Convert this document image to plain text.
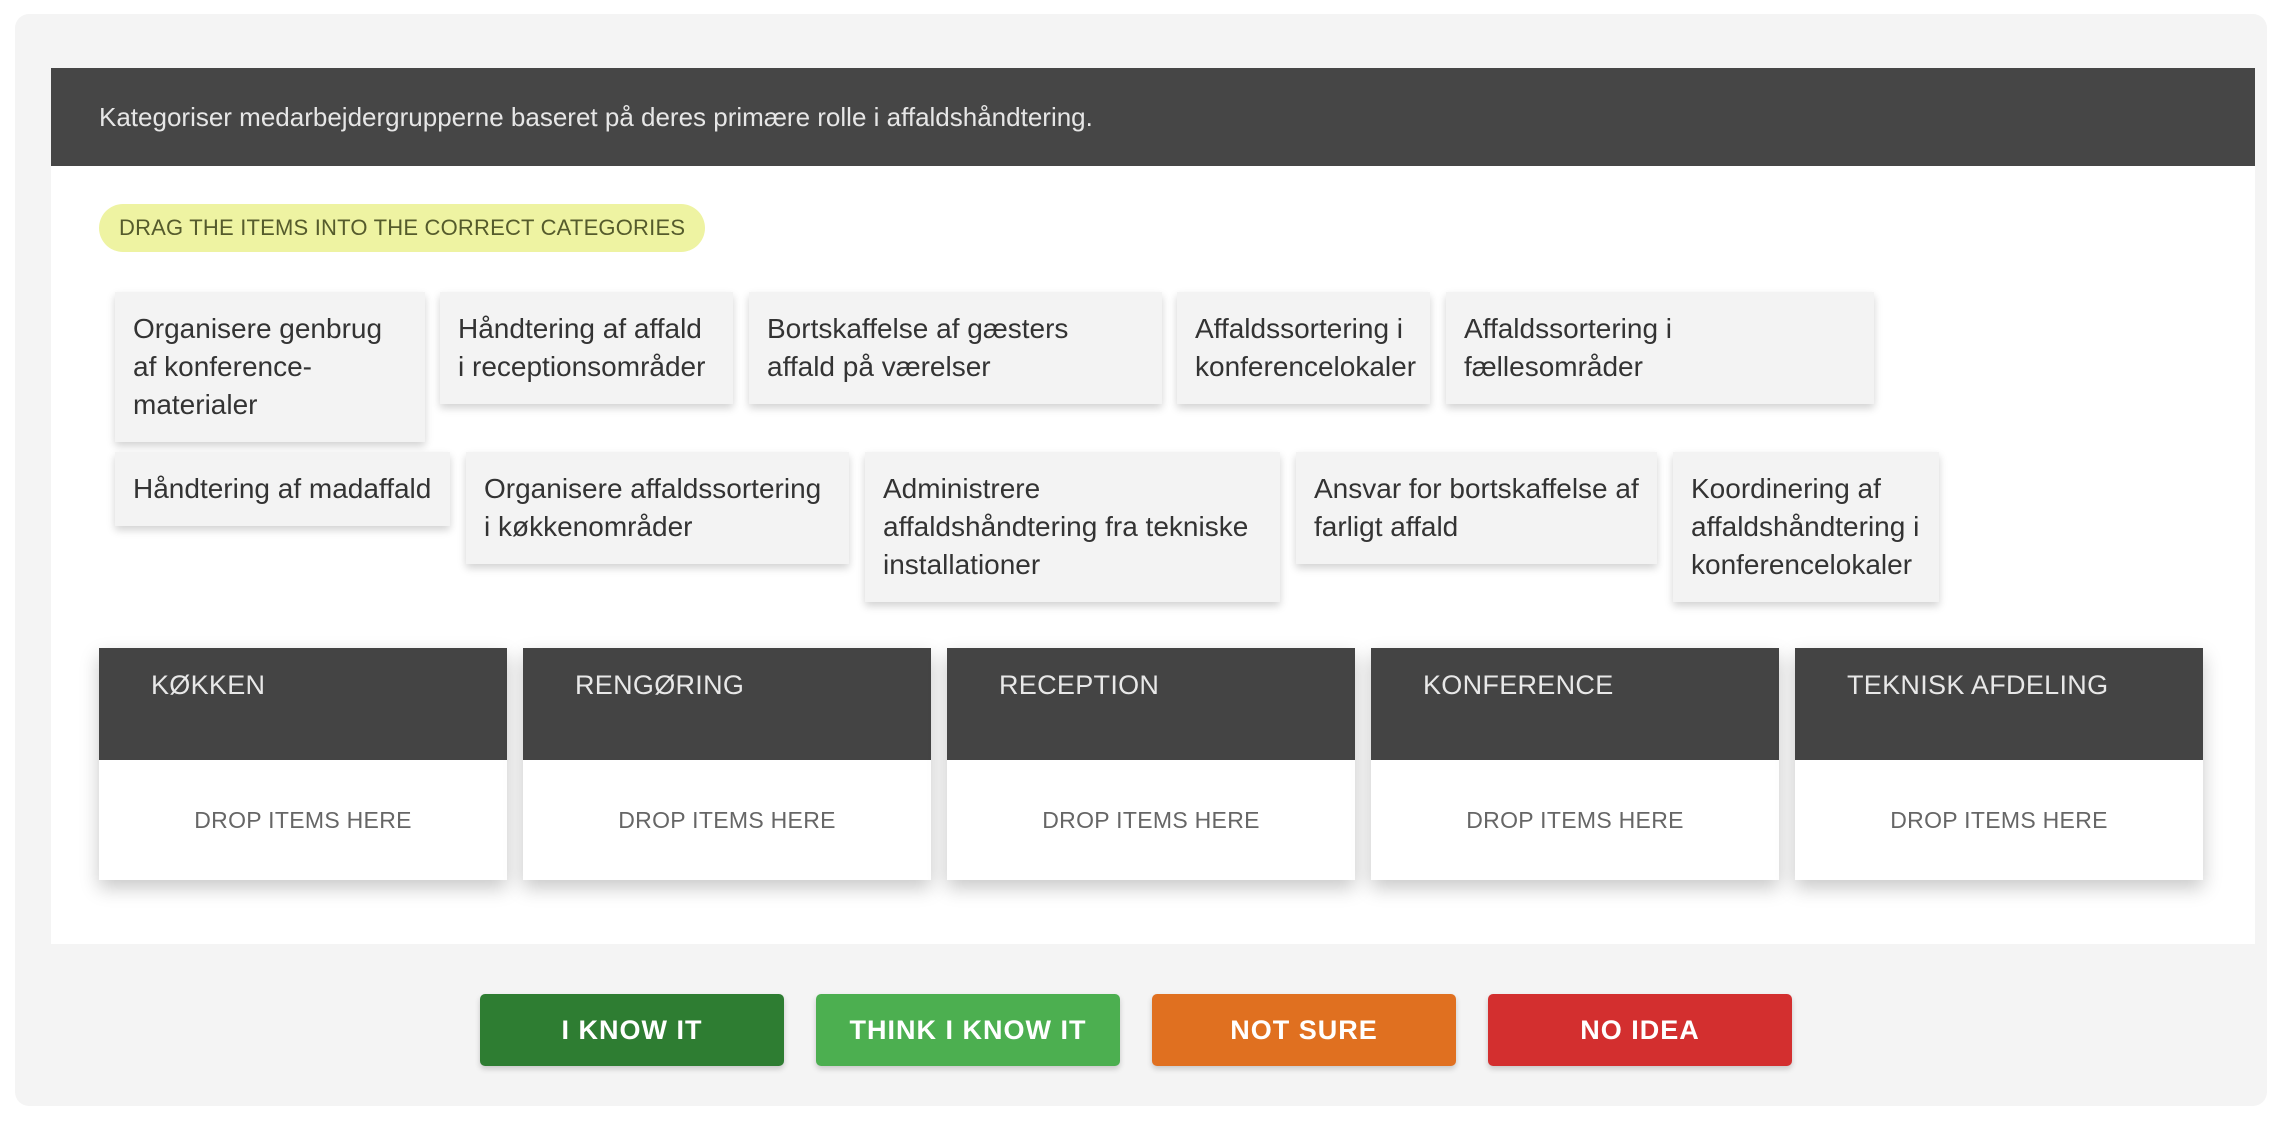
Kategoriser medarbejdergrupperne baseret på deres primære rolle i affaldshåndtering.
DRAG THE ITEMS INTO THE CORRECT CATEGORIES
Organisere genbrug af konference-materialer
Håndtering af affald i receptionsområder
Bortskaffelse af gæsters affald på værelser
Affaldssortering i konferencelokaler
Affaldssortering i fællesområder
Håndtering af madaffald	Organisere affaldssortering i køkkenområder
Administrere affaldshåndtering fra tekniske installationer
Ansvar for bortskaffelse af farligt affald
Koordinering af affaldshåndtering i konferencelokaler
KØKKEN
DROP ITEMS HERE
RENGØRING
DROP ITEMS HERE
RECEPTION
DROP ITEMS HERE
KONFERENCE
DROP ITEMS HERE
TEKNISK AFDELING
DROP ITEMS HERE
I KNOW IT	THINK I KNOW IT	NOT SURE	NO IDEA
